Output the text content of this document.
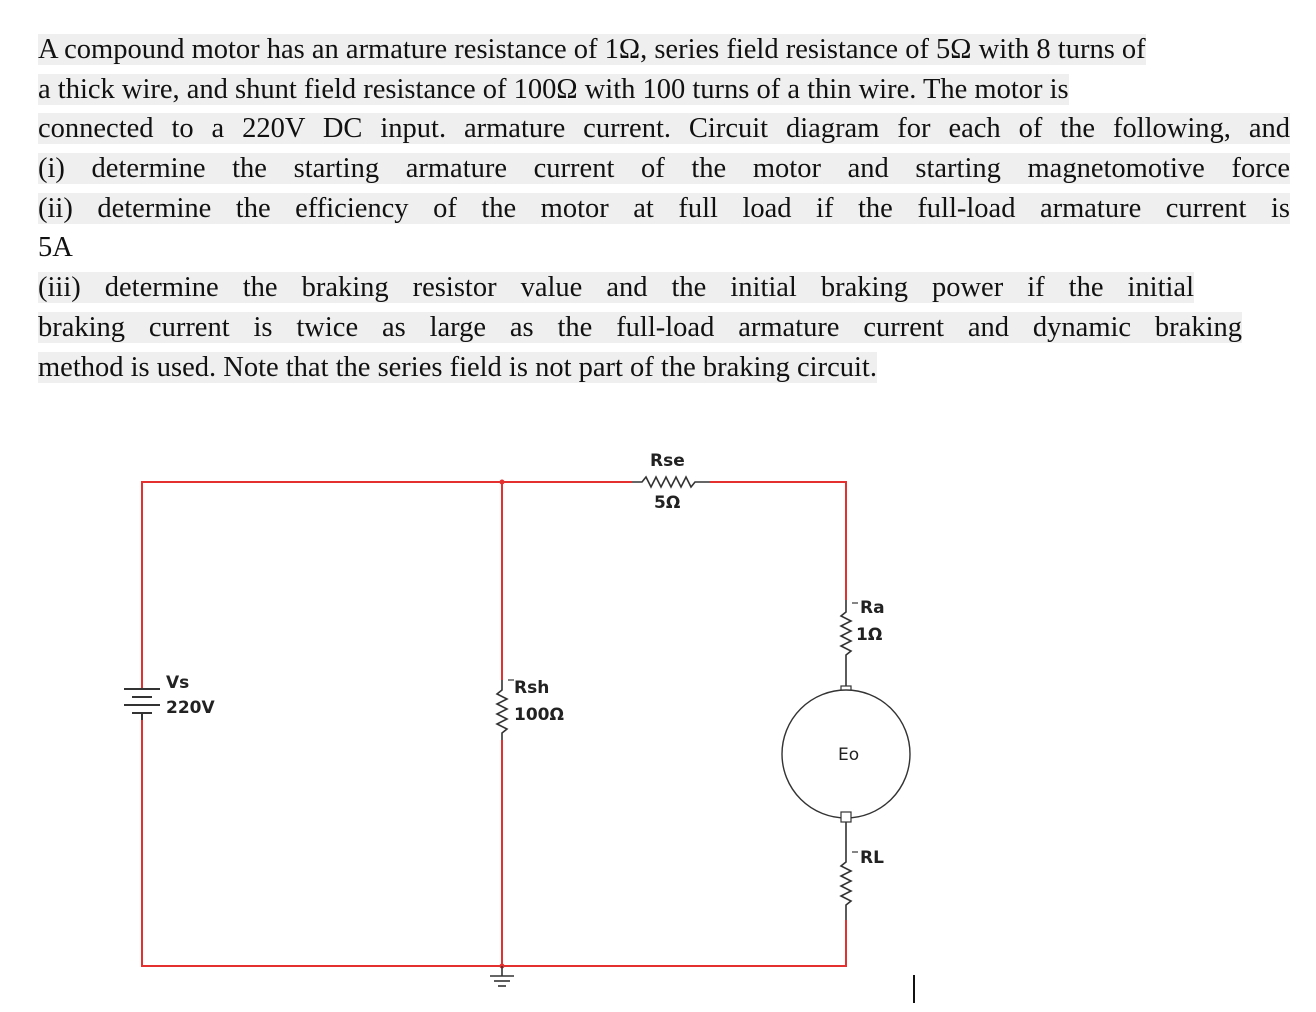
A compound motor has an armature resistance of 1Ω, series field resistance of 5Ω with 8 turns of
a thick wire, and shunt field resistance of 100Ω with 100 turns of a thin wire. The motor is
connected to a 220V DC input. armature current. Circuit diagram for each of the following, and
(i) determine the starting armature current of the motor and starting magnetomotive force
(ii) determine the efficiency of the motor at full load if the full-load armature current is
5A
(iii) determine the braking resistor value and the initial braking power if the initial
braking current is twice as large as the full-load armature current and dynamic braking
method is used. Note that the series field is not part of the braking circuit.
Vs
220V
Rsh
100Ω
Rse
5Ω
Ra
1Ω
Eo
RL
